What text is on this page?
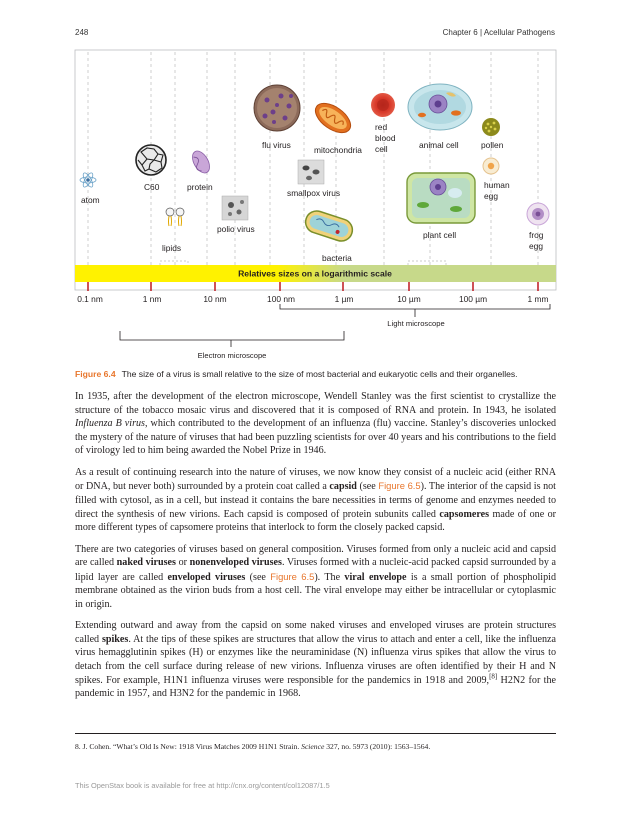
248	Chapter 6 | Acellular Pathogens
atom
C60
lipids
protein
polio virus
flu virus	mitochondria
smallpox virus
bacteria
red
blood
cell	animal cell
plant cell
pollen
human
egg
frog
egg
Relatives sizes on a logarithmic scale
0.1 nm	1 nm	10 nm	100 nm	1 µm	10 µm	100 µm	1 mm
Light microscope
Electron microscope
Figure 6.4 The size of a virus is small relative to the size of most bacterial and eukaryotic cells and their organelles.

In 1935, after the development of the electron microscope, Wendell Stanley was the first scientist to crystallize the structure of the tobacco mosaic virus and discovered that it is composed of RNA and protein. In 1943, he isolated Influenza B virus, which contributed to the development of an influenza (flu) vaccine. Stanley’s discoveries unlocked the mystery of the nature of viruses that had been puzzling scientists for over 40 years and his contributions to the field of virology led to him being awarded the Nobel Prize in 1946.

As a result of continuing research into the nature of viruses, we now know they consist of a nucleic acid (either RNA or DNA, but never both) surrounded by a protein coat called a capsid (see Figure 6.5). The interior of the capsid is not filled with cytosol, as in a cell, but instead it contains the bare necessities in terms of genome and enzymes needed to direct the synthesis of new virions. Each capsid is composed of protein subunits called capsomeres made of one or more different types of capsomere proteins that interlock to form the closely packed capsid.

There are two categories of viruses based on general composition. Viruses formed from only a nucleic acid and capsid are called naked viruses or nonenveloped viruses. Viruses formed with a nucleic-acid packed capsid surrounded by a lipid layer are called enveloped viruses (see Figure 6.5). The viral envelope is a small portion of phospholipid membrane obtained as the virion buds from a host cell. The viral envelope may either be intracellular or cytoplasmic in origin.

Extending outward and away from the capsid on some naked viruses and enveloped viruses are protein structures called spikes. At the tips of these spikes are structures that allow the virus to attach and enter a cell, like the influenza virus hemagglutinin spikes (H) or enzymes like the neuraminidase (N) influenza virus spikes that allow the virus to detach from the cell surface during release of new virions. Influenza viruses are often identified by their H and N spikes. For example, H1N1 influenza viruses were responsible for the pandemics in 1918 and 2009,[8] H2N2 for the pandemic in 1957, and H3N2 for the pandemic in 1968.

8. J. Cohen. “What’s Old Is New: 1918 Virus Matches 2009 H1N1 Strain. Science 327, no. 5973 (2010): 1563–1564.
This OpenStax book is available for free at http://cnx.org/content/col12087/1.5
